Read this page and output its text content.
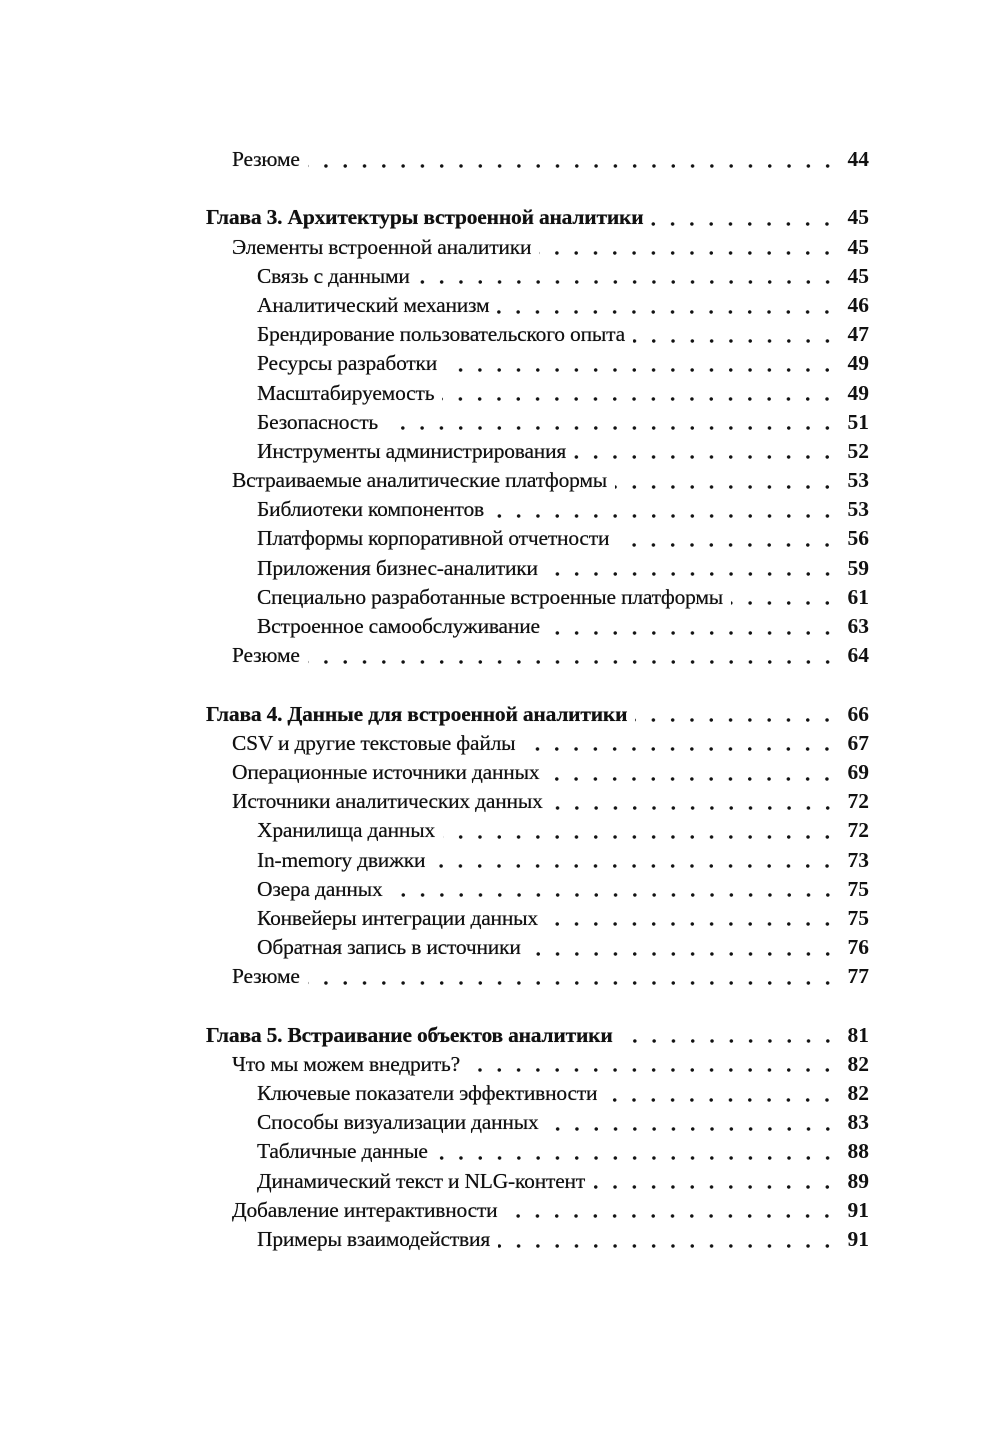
Резюме	44
Глава 3. Архитектуры встроенной аналитики	45
Элементы встроенной аналитики	45
Связь с данными	45
Аналитический механизм	46
Брендирование пользовательского опыта	47
Ресурсы разработки	49
Масштабируемость	49
Безопасность	51
Инструменты администрирования	52
Встраиваемые аналитические платформы	53
Библиотеки компонентов	53
Платформы корпоративной отчетности	56
Приложения бизнес-аналитики	59
Специально разработанные встроенные платформы	61
Встроенное самообслуживание	63
Резюме	64
Глава 4. Данные для встроенной аналитики	66
CSV и другие текстовые файлы	67
Операционные источники данных	69
Источники аналитических данных	72
Хранилища данных	72
In-memory движки	73
Озера данных	75
Конвейеры интеграции данных	75
Обратная запись в источники	76
Резюме	77
Глава 5. Встраивание объектов аналитики	81
Что мы можем внедрить?	82
Ключевые показатели эффективности	82
Способы визуализации данных	83
Табличные данные	88
Динамический текст и NLG-контент	89
Добавление интерактивности	91
Примеры взаимодействия	91
